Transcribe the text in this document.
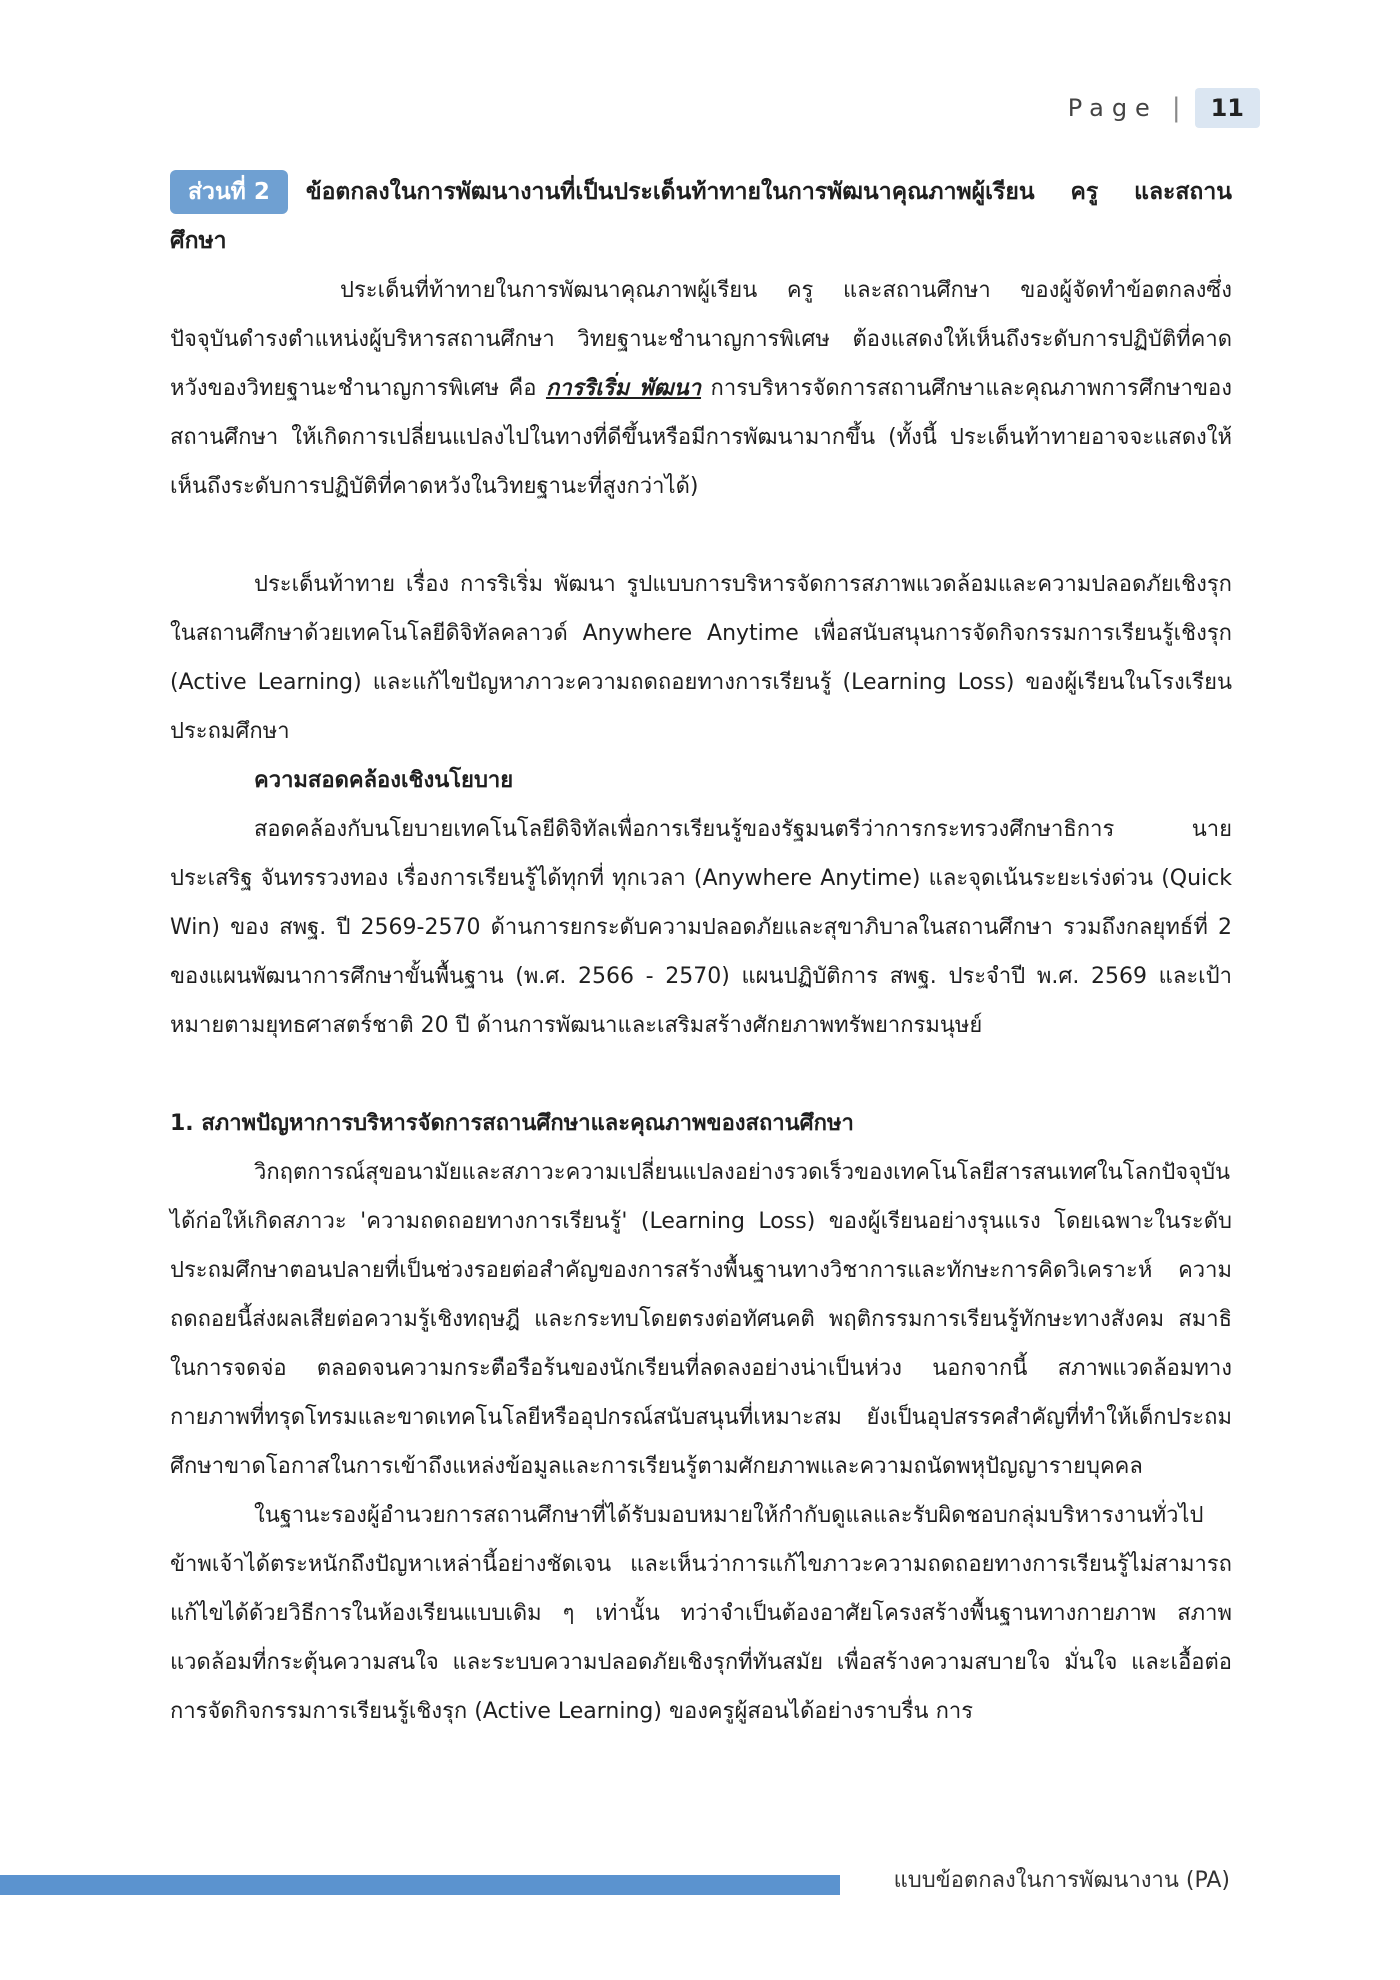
Page |	11

ส่วนที่ 2 ข้อตกลงในการพัฒนางานที่เป็นประเด็นท้าทายในการพัฒนาคุณภาพผู้เรียน ครู และสถานศึกษา

ประเด็นที่ท้าทายในการพัฒนาคุณภาพผู้เรียน ครู และสถานศึกษา ของผู้จัดทำข้อตกลงซึ่งปัจจุบันดำรงตำแหน่งผู้บริหารสถานศึกษา วิทยฐานะชำนาญการพิเศษ ต้องแสดงให้เห็นถึงระดับการปฏิบัติที่คาดหวังของวิทยฐานะชำนาญการพิเศษ คือ การริเริ่ม พัฒนา การบริหารจัดการสถานศึกษาและคุณภาพการศึกษาของสถานศึกษา ให้เกิดการเปลี่ยนแปลงไปในทางที่ดีขึ้นหรือมีการพัฒนามากขึ้น (ทั้งนี้ ประเด็นท้าทายอาจจะแสดงให้เห็นถึงระดับการปฏิบัติที่คาดหวังในวิทยฐานะที่สูงกว่าได้)

ประเด็นท้าทาย เรื่อง การริเริ่ม พัฒนา รูปแบบการบริหารจัดการสภาพแวดล้อมและความปลอดภัยเชิงรุกในสถานศึกษาด้วยเทคโนโลยีดิจิทัลคลาวด์ Anywhere Anytime เพื่อสนับสนุนการจัดกิจกรรมการเรียนรู้เชิงรุก (Active Learning) และแก้ไขปัญหาภาวะความถดถอยทางการเรียนรู้ (Learning Loss) ของผู้เรียนในโรงเรียนประถมศึกษา

ความสอดคล้องเชิงนโยบาย

สอดคล้องกับนโยบายเทคโนโลยีดิจิทัลเพื่อการเรียนรู้ของรัฐมนตรีว่าการกระทรวงศึกษาธิการ นายประเสริฐ จันทรรวงทอง เรื่องการเรียนรู้ได้ทุกที่ ทุกเวลา (Anywhere Anytime) และจุดเน้นระยะเร่งด่วน (Quick Win) ของ สพฐ. ปี 2569-2570 ด้านการยกระดับความปลอดภัยและสุขาภิบาลในสถานศึกษา รวมถึงกลยุทธ์ที่ 2 ของแผนพัฒนาการศึกษาขั้นพื้นฐาน (พ.ศ. 2566 - 2570) แผนปฏิบัติการ สพฐ. ประจำปี พ.ศ. 2569 และเป้าหมายตามยุทธศาสตร์ชาติ 20 ปี ด้านการพัฒนาและเสริมสร้างศักยภาพทรัพยากรมนุษย์

1. สภาพปัญหาการบริหารจัดการสถานศึกษาและคุณภาพของสถานศึกษา

วิกฤตการณ์สุขอนามัยและสภาวะความเปลี่ยนแปลงอย่างรวดเร็วของเทคโนโลยีสารสนเทศในโลกปัจจุบัน ได้ก่อให้เกิดสภาวะ 'ความถดถอยทางการเรียนรู้' (Learning Loss) ของผู้เรียนอย่างรุนแรง โดยเฉพาะในระดับประถมศึกษาตอนปลายที่เป็นช่วงรอยต่อสำคัญของการสร้างพื้นฐานทางวิชาการและทักษะการคิดวิเคราะห์ ความถดถอยนี้ส่งผลเสียต่อความรู้เชิงทฤษฎี และกระทบโดยตรงต่อทัศนคติ พฤติกรรมการเรียนรู้ทักษะทางสังคม สมาธิในการจดจ่อ ตลอดจนความกระตือรือร้นของนักเรียนที่ลดลงอย่างน่าเป็นห่วง นอกจากนี้ สภาพแวดล้อมทางกายภาพที่ทรุดโทรมและขาดเทคโนโลยีหรืออุปกรณ์สนับสนุนที่เหมาะสม ยังเป็นอุปสรรคสำคัญที่ทำให้เด็กประถมศึกษาขาดโอกาสในการเข้าถึงแหล่งข้อมูลและการเรียนรู้ตามศักยภาพและความถนัดพหุปัญญารายบุคคล

ในฐานะรองผู้อำนวยการสถานศึกษาที่ได้รับมอบหมายให้กำกับดูแลและรับผิดชอบกลุ่มบริหารงานทั่วไป ข้าพเจ้าได้ตระหนักถึงปัญหาเหล่านี้อย่างชัดเจน และเห็นว่าการแก้ไขภาวะความถดถอยทางการเรียนรู้ไม่สามารถแก้ไขได้ด้วยวิธีการในห้องเรียนแบบเดิม ๆ เท่านั้น ทว่าจำเป็นต้องอาศัยโครงสร้างพื้นฐานทางกายภาพ สภาพแวดล้อมที่กระตุ้นความสนใจ และระบบความปลอดภัยเชิงรุกที่ทันสมัย เพื่อสร้างความสบายใจ มั่นใจ และเอื้อต่อการจัดกิจกรรมการเรียนรู้เชิงรุก (Active Learning) ของครูผู้สอนได้อย่างราบรื่น การ

แบบข้อตกลงในการพัฒนางาน (PA)
